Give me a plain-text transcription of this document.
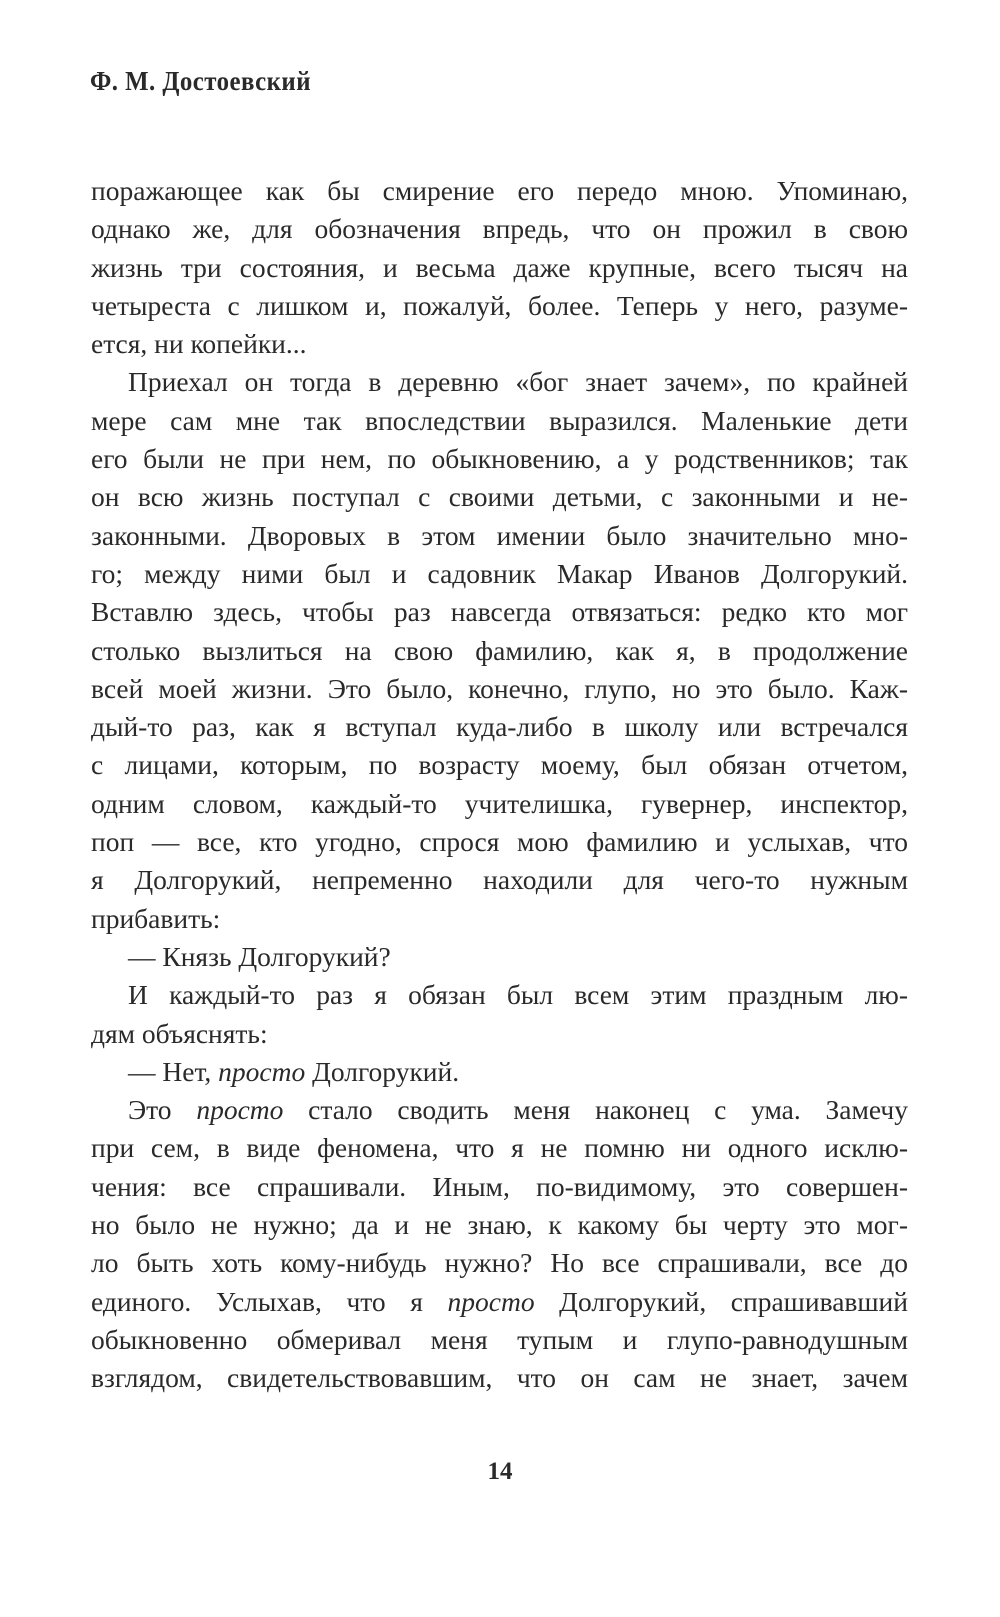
Ф. М. Достоевский
поражающее как бы смирение его передо мною. Упоминаю,
однако же, для обозначения впредь, что он прожил в свою
жизнь три состояния, и весьма даже крупные, всего тысяч на
четыреста с лишком и, пожалуй, более. Теперь у него, разуме-
ется, ни копейки...
Приехал он тогда в деревню «бог знает зачем», по крайней
мере сам мне так впоследствии выразился. Маленькие дети
его были не при нем, по обыкновению, а у родственников; так
он всю жизнь поступал с своими детьми, с законными и не-
законными. Дворовых в этом имении было значительно мно-
го; между ними был и садовник Макар Иванов Долгорукий.
Вставлю здесь, чтобы раз навсегда отвязаться: редко кто мог
столько вызлиться на свою фамилию, как я, в продолжение
всей моей жизни. Это было, конечно, глупо, но это было. Каж-
дый-то раз, как я вступал куда-либо в школу или встречался
с лицами, которым, по возрасту моему, был обязан отчетом,
одним словом, каждый-то учителишка, гувернер, инспектор,
поп — все, кто угодно, спрося мою фамилию и услыхав, что
я Долгорукий, непременно находили для чего-то нужным
прибавить:
— Князь Долгорукий?
И каждый-то раз я обязан был всем этим праздным лю-
дям объяснять:
— Нет, просто Долгорукий.
Это просто стало сводить меня наконец с ума. Замечу
при сем, в виде феномена, что я не помню ни одного исклю-
чения: все спрашивали. Иным, по-видимому, это совершен-
но было не нужно; да и не знаю, к какому бы черту это мог-
ло быть хоть кому-нибудь нужно? Но все спрашивали, все до
единого. Услыхав, что я просто Долгорукий, спрашивавший
обыкновенно обмеривал меня тупым и глупо-равнодушным
взглядом, свидетельствовавшим, что он сам не знает, зачем
14
